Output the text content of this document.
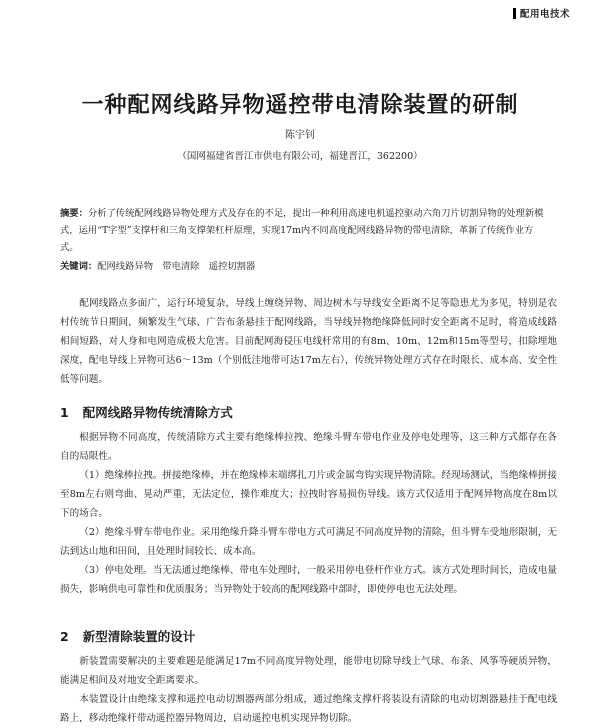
配用电技术
一种配网线路异物遥控带电清除装置的研制
陈宇钊
（国网福建省晋江市供电有限公司，福建晋江，362200）
摘要：分析了传统配网线路异物处理方式及存在的不足，提出一种利用高速电机遥控驱动六角刀片切割异物的处理新模式，运用“T字型”支撑杆和三角支撑架杠杆原理，实现17m内不同高度配网线路异物的带电清除，革新了传统作业方式。
关键词：配网线路异物　带电清除　遥控切割器

配网线路点多面广，运行环境复杂，导线上缠绕异物、周边树木与导线安全距离不足等隐患尤为多见，特别是农村传统节日期间，频繁发生气球、广告布条悬挂于配网线路，当导线异物绝缘降低同时安全距离不足时，将造成线路相间短路，对人身和电网造成极大危害。目前配网海侵压电线杆常用的有8m、10m、12m和15m等型号，扣除埋地深度，配电导线上异物可达6～13m（个别低洼地带可达17m左右），传统异物处理方式存在时限长、成本高、安全性低等问题。

1 配网线路异物传统清除方式

根据异物不同高度，传统清除方式主要有绝缘棒拉拽、绝缘斗臂车带电作业及停电处理等，这三种方式都存在各自的局限性。

（1）绝缘棒拉拽。拼接绝缘棒，并在绝缘棒末端绑扎刀片或金属弯钩实现异物清除。经现场测试，当绝缘棒拼接至8m左右则弯曲、晃动严重，无法定位，操作难度大；拉拽时容易损伤导线。该方式仅适用于配网异物高度在8m以下的场合。

（2）绝缘斗臂车带电作业。采用绝缘升降斗臂车带电方式可满足不同高度异物的清除，但斗臂车受地形限制，无法到达山地和田间，且处理时间较长、成本高。

（3）停电处理。当无法通过绝缘棒、带电车处理时，一般采用停电登杆作业方式。该方式处理时间长，造成电量损失，影响供电可靠性和优质服务；当异物处于较高的配网线路中部时，即使停电也无法处理。

2 新型清除装置的设计

新装置需要解决的主要难题是能满足17m不同高度异物处理，能带电切除导线上气球、布条、风筝等硬质异物，能满足相间及对地安全距离要求。

本装置设计由绝缘支撑和遥控电动切割器两部分组成，通过绝缘支撑杆将装设有清除的电动切割器悬挂于配电线路上，移动绝缘杆带动遥控器异物周边，启动遥控电机实现异物切除。
